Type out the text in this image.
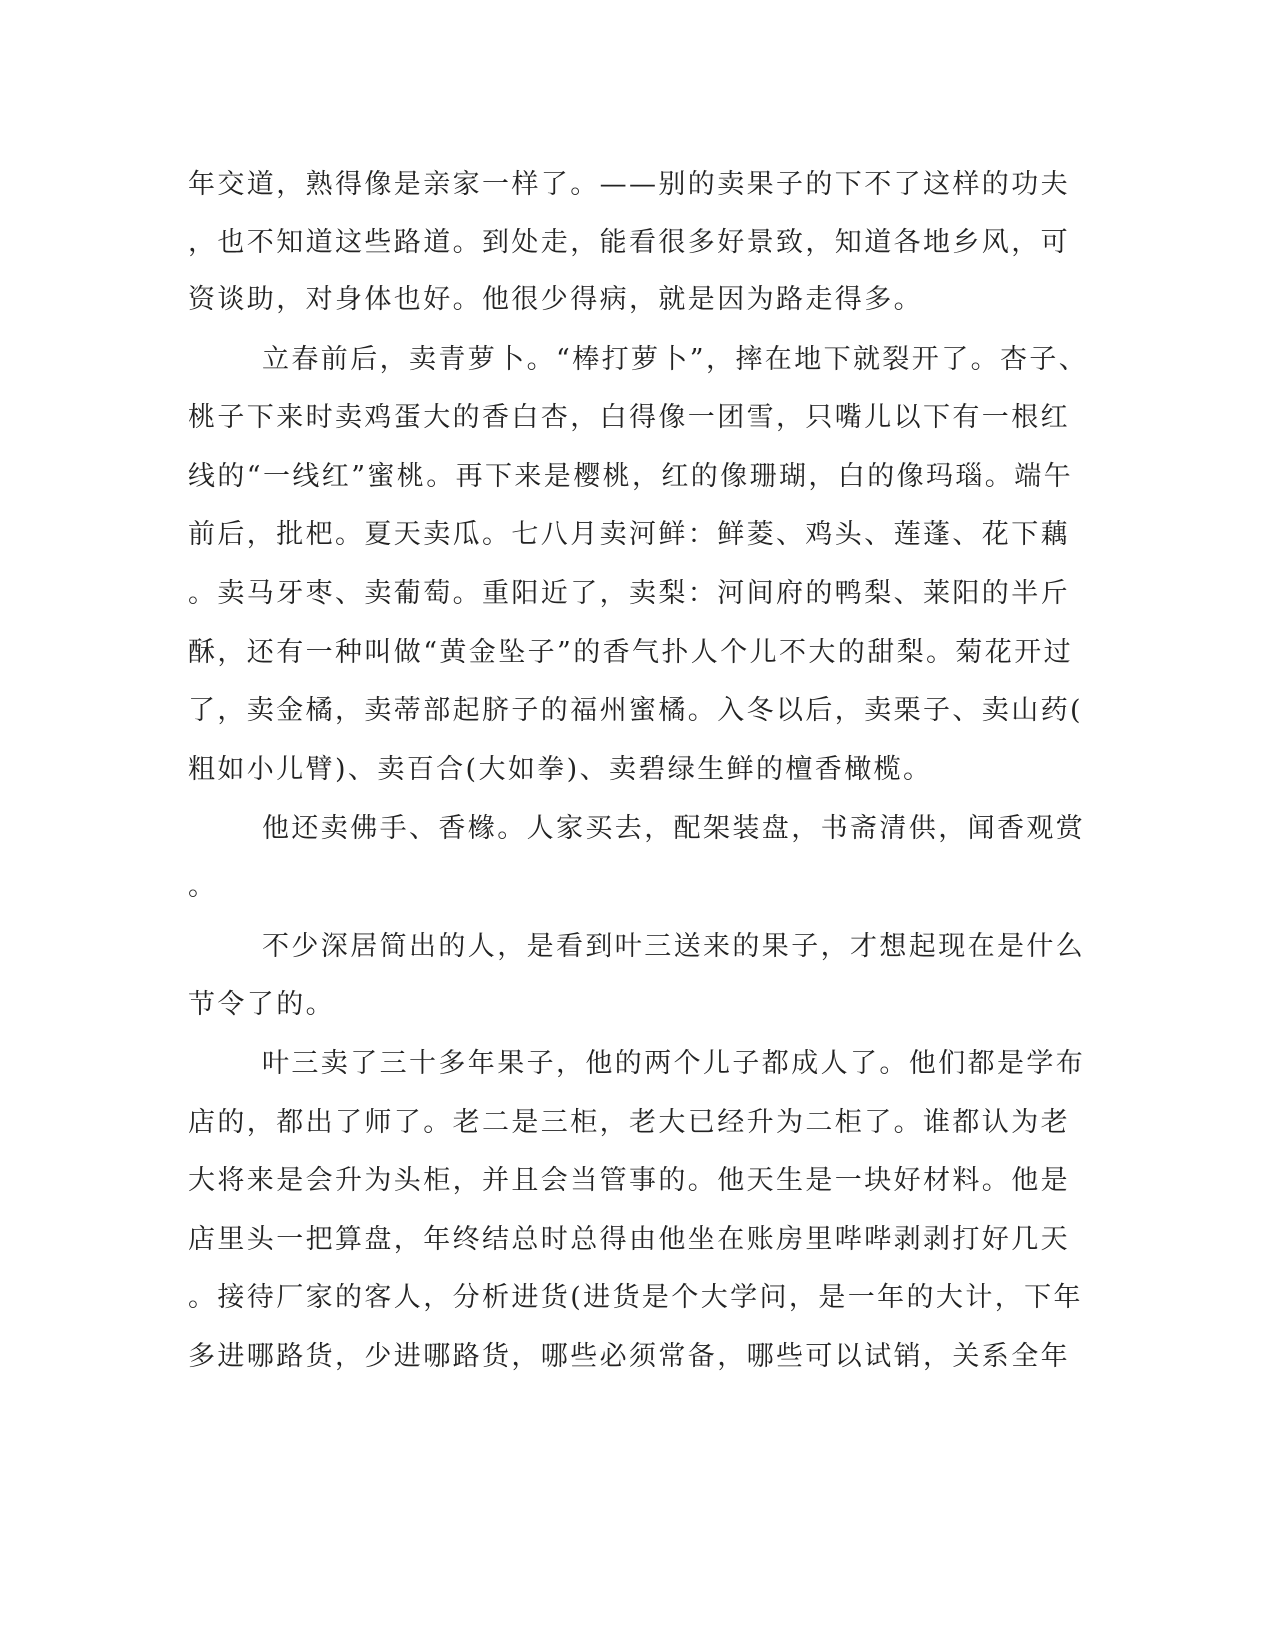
年交道，熟得像是亲家一样了。——别的卖果子的下不了这样的功夫

，也不知道这些路道。到处走，能看很多好景致，知道各地乡风，可

资谈助，对身体也好。他很少得病，就是因为路走得多。

立春前后，卖青萝卜。“棒打萝卜”，摔在地下就裂开了。杏子、

桃子下来时卖鸡蛋大的香白杏，白得像一团雪，只嘴儿以下有一根红

线的“一线红”蜜桃。再下来是樱桃，红的像珊瑚，白的像玛瑙。端午

前后，批杷。夏天卖瓜。七八月卖河鲜：鲜菱、鸡头、莲蓬、花下藕

。卖马牙枣、卖葡萄。重阳近了，卖梨：河间府的鸭梨、莱阳的半斤

酥，还有一种叫做“黄金坠子”的香气扑人个儿不大的甜梨。菊花开过

了，卖金橘，卖蒂部起脐子的福州蜜橘。入冬以后，卖栗子、卖山药(

粗如小儿臂)、卖百合(大如拳)、卖碧绿生鲜的檀香橄榄。

他还卖佛手、香橼。人家买去，配架装盘，书斋清供，闻香观赏

。

不少深居简出的人，是看到叶三送来的果子，才想起现在是什么

节令了的。

叶三卖了三十多年果子，他的两个儿子都成人了。他们都是学布

店的，都出了师了。老二是三柜，老大已经升为二柜了。谁都认为老

大将来是会升为头柜，并且会当管事的。他天生是一块好材料。他是

店里头一把算盘，年终结总时总得由他坐在账房里哔哔剥剥打好几天

。接待厂家的客人，分析进货(进货是个大学问，是一年的大计，下年

多进哪路货，少进哪路货，哪些必须常备，哪些可以试销，关系全年
